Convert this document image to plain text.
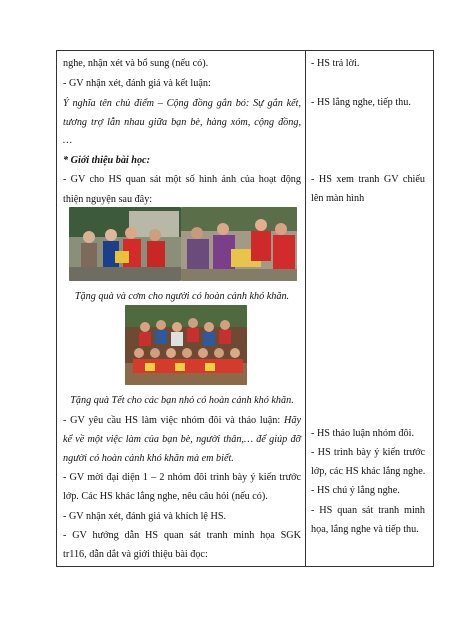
nghe, nhận xét và bổ sung (nếu có).
- GV nhận xét, đánh giá và kết luận:
Ý nghĩa tên chủ điểm – Cộng đồng gắn bó: Sự gắn kết,
tương trợ lẫn nhau giữa bạn bè, hàng xóm, cộng đồng,
…
* Giới thiệu bài học:
- GV cho HS quan sát một số hình ảnh của hoạt động
thiện nguyện sau đây:
Tặng quà và cơm cho người có hoàn cảnh khó khăn.
Tặng quà Tết cho các bạn nhỏ có hoàn cảnh khó khăn.
- GV yêu cầu HS làm việc nhóm đôi và thảo luận: Hãy
kể về một việc làm của bạn bè, người thân,… để giúp đỡ
người có hoàn cảnh khó khăn mà em biết.
- GV mời đại diện 1 – 2 nhóm đôi trình bày ý kiến trước
lớp. Các HS khác lắng nghe, nêu câu hỏi (nếu có).
- GV nhận xét, đánh giá và khích lệ HS.
- GV hướng dẫn HS quan sát tranh minh họa SGK
tr116, dẫn dắt và giới thiệu bài đọc:
- HS trả lời.
- HS lắng nghe, tiếp thu.
- HS xem tranh GV chiếu
lên màn hình
- HS thảo luận nhóm đôi.
- HS trình bày ý kiến trước
lớp, các HS khác lắng nghe.
- HS chú ý lắng nghe.
- HS quan sát tranh minh
họa, lắng nghe và tiếp thu.
